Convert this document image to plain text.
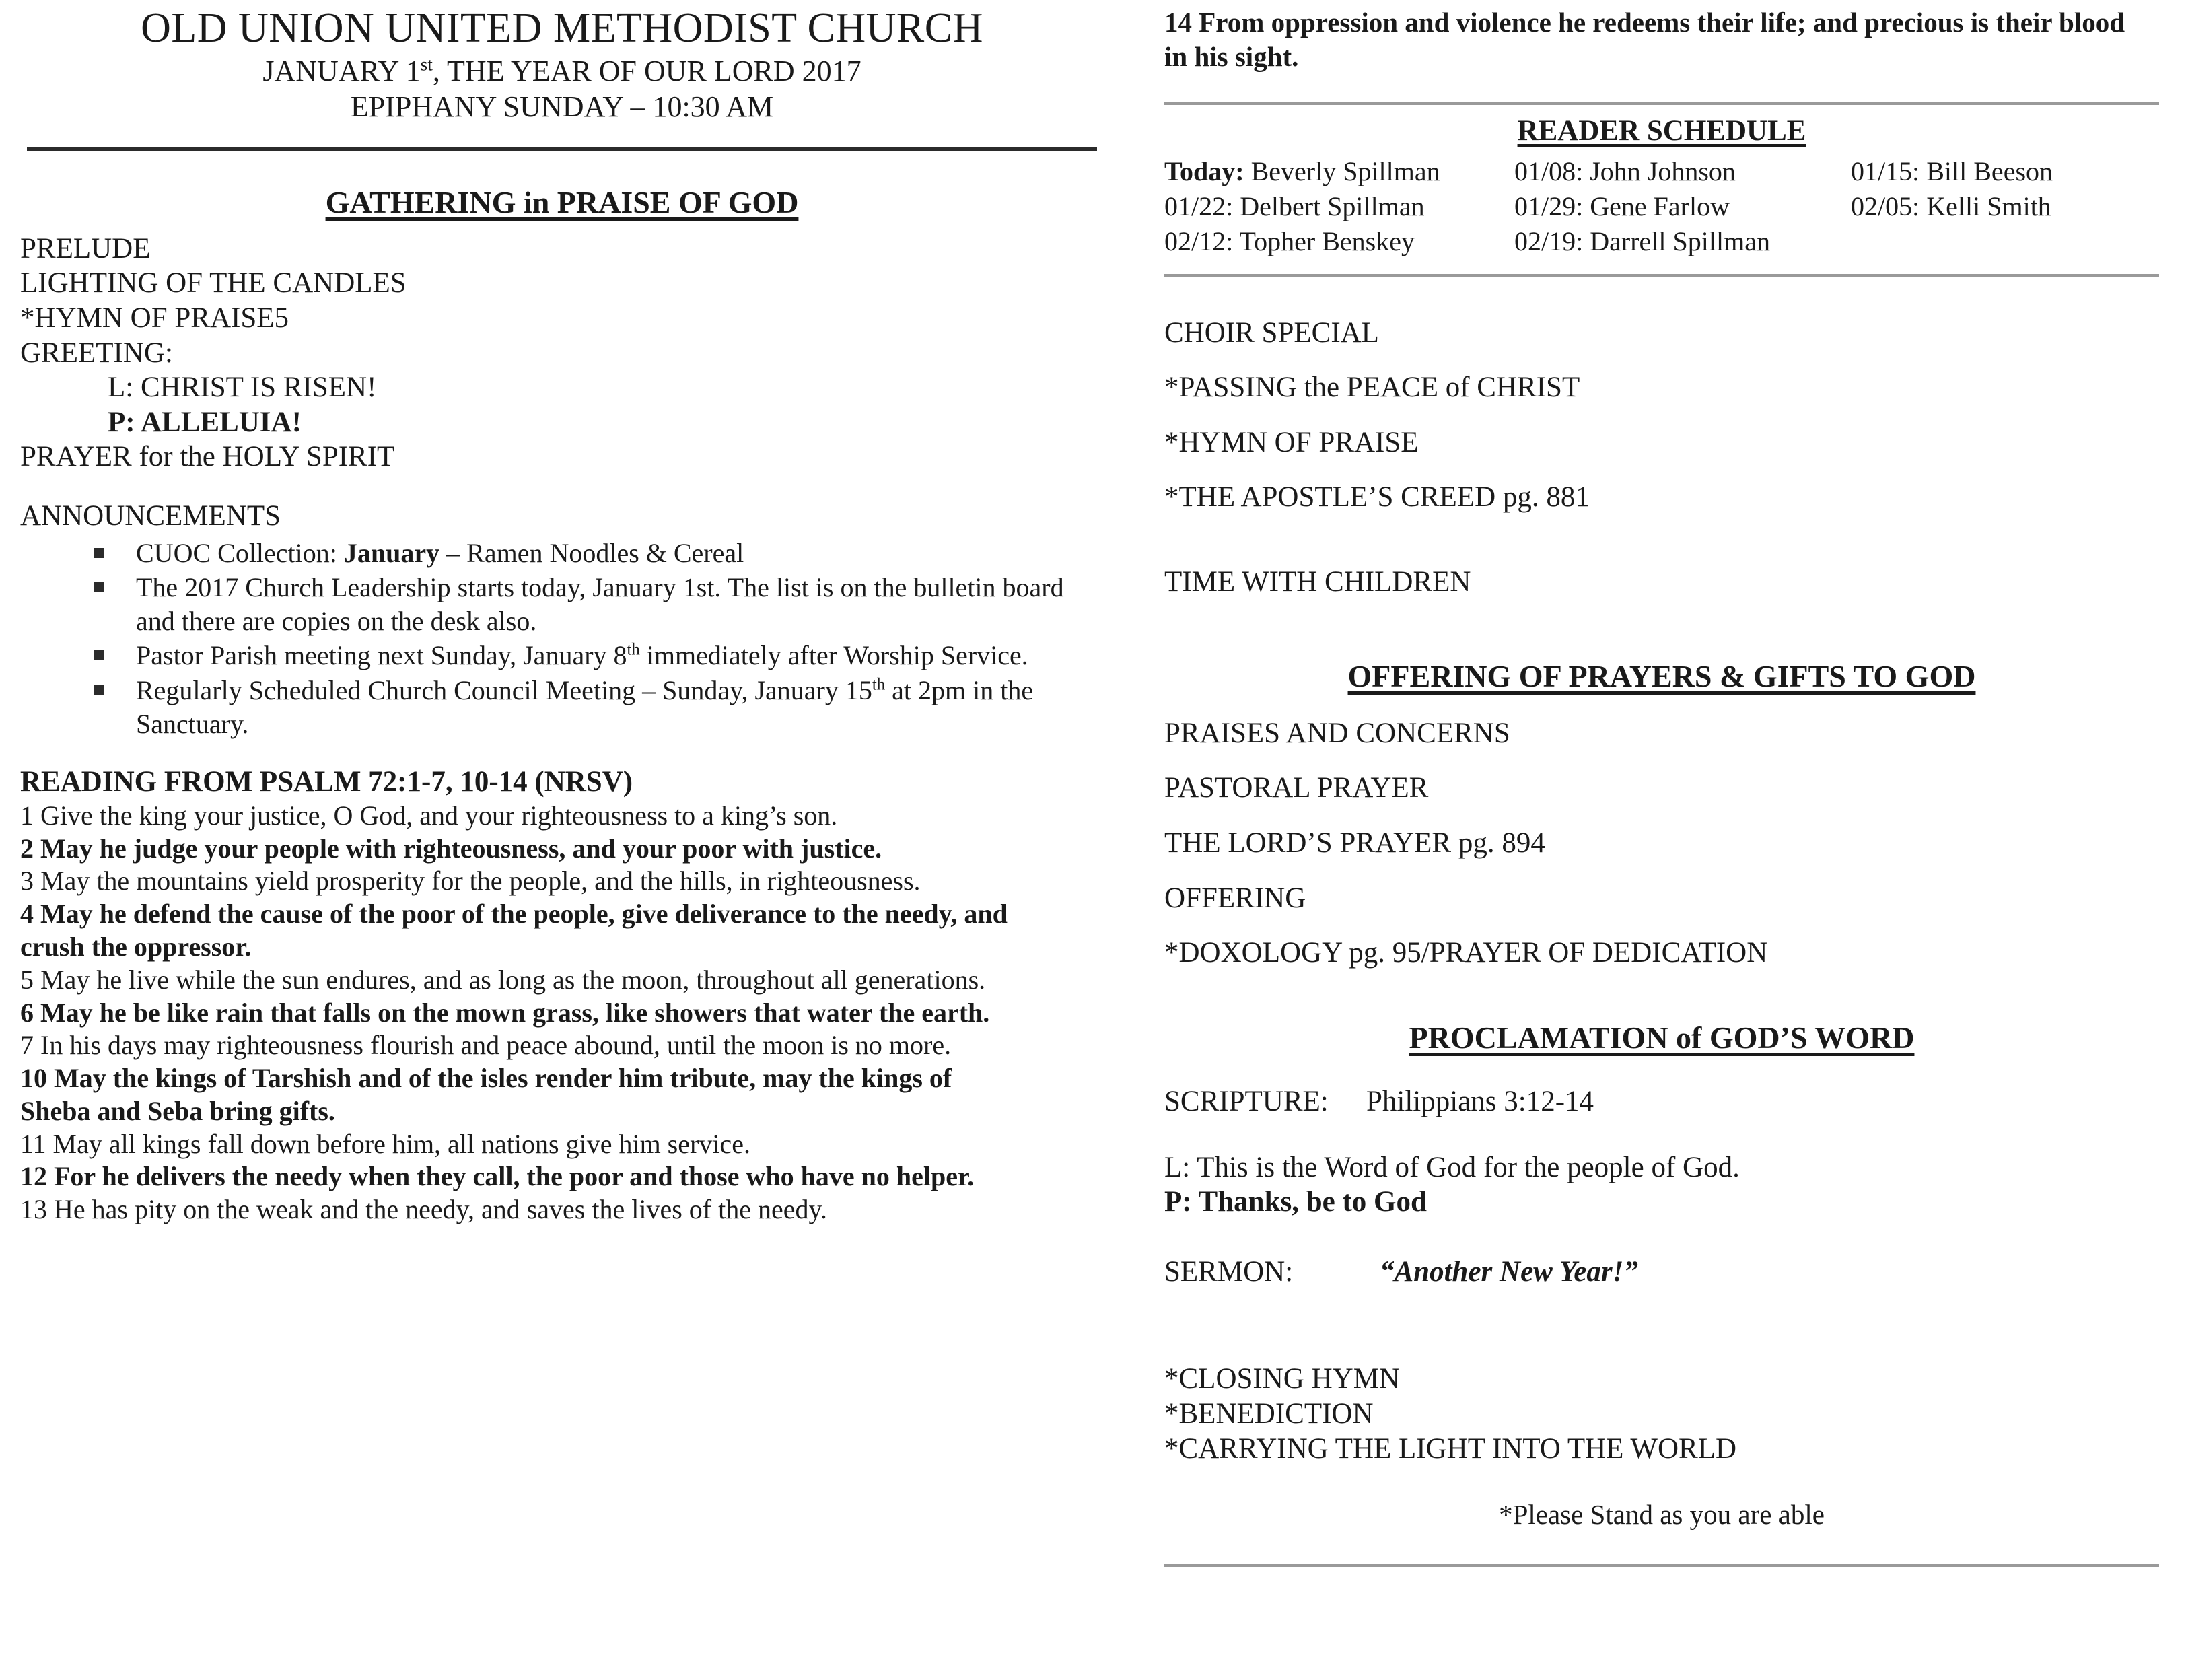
OLD UNION UNITED METHODIST CHURCH
JANUARY 1st, THE YEAR OF OUR LORD 2017
EPIPHANY SUNDAY – 10:30 AM
GATHERING in PRAISE OF GOD
PRELUDE
LIGHTING OF THE CANDLES
*HYMN OF PRAISE5
GREETING:
L: CHRIST IS RISEN!
P: ALLELUIA!
PRAYER for the HOLY SPIRIT
ANNOUNCEMENTS
CUOC Collection: January – Ramen Noodles & Cereal
The 2017 Church Leadership starts today, January 1st. The list is on the bulletin board and there are copies on the desk also.
Pastor Parish meeting next Sunday, January 8th immediately after Worship Service.
Regularly Scheduled Church Council Meeting – Sunday, January 15th at 2pm in the Sanctuary.
READING FROM PSALM 72:1-7, 10-14 (NRSV)
1 Give the king your justice, O God, and your righteousness to a king’s son.
2 May he judge your people with righteousness, and your poor with justice.
3 May the mountains yield prosperity for the people, and the hills, in righteousness.
4 May he defend the cause of the poor of the people, give deliverance to the needy, and crush the oppressor.
5 May he live while the sun endures, and as long as the moon, throughout all generations.
6 May he be like rain that falls on the mown grass, like showers that water the earth.
7 In his days may righteousness flourish and peace abound, until the moon is no more.
10 May the kings of Tarshish and of the isles render him tribute, may the kings of Sheba and Seba bring gifts.
11 May all kings fall down before him, all nations give him service.
12 For he delivers the needy when they call, the poor and those who have no helper.
13 He has pity on the weak and the needy, and saves the lives of the needy.
14 From oppression and violence he redeems their life; and precious is their blood in his sight.
READER SCHEDULE
Today: Beverly Spillman	01/08: John Johnson	01/15: Bill Beeson
01/22: Delbert Spillman	01/29: Gene Farlow	02/05: Kelli Smith
02/12: Topher Benskey	02/19: Darrell Spillman

CHOIR SPECIAL
*PASSING the PEACE of CHRIST
*HYMN OF PRAISE
*THE APOSTLE’S CREED pg. 881
TIME WITH CHILDREN
OFFERING OF PRAYERS & GIFTS TO GOD
PRAISES AND CONCERNS
PASTORAL PRAYER
THE LORD’S PRAYER pg. 894
OFFERING
*DOXOLOGY pg. 95/PRAYER OF DEDICATION
PROCLAMATION of GOD’S WORD
SCRIPTURE:	Philippians 3:12-14
L: This is the Word of God for the people of God.
P: Thanks, be to God
SERMON:	“Another New Year!”
*CLOSING HYMN
*BENEDICTION
*CARRYING THE LIGHT INTO THE WORLD
*Please Stand as you are able
